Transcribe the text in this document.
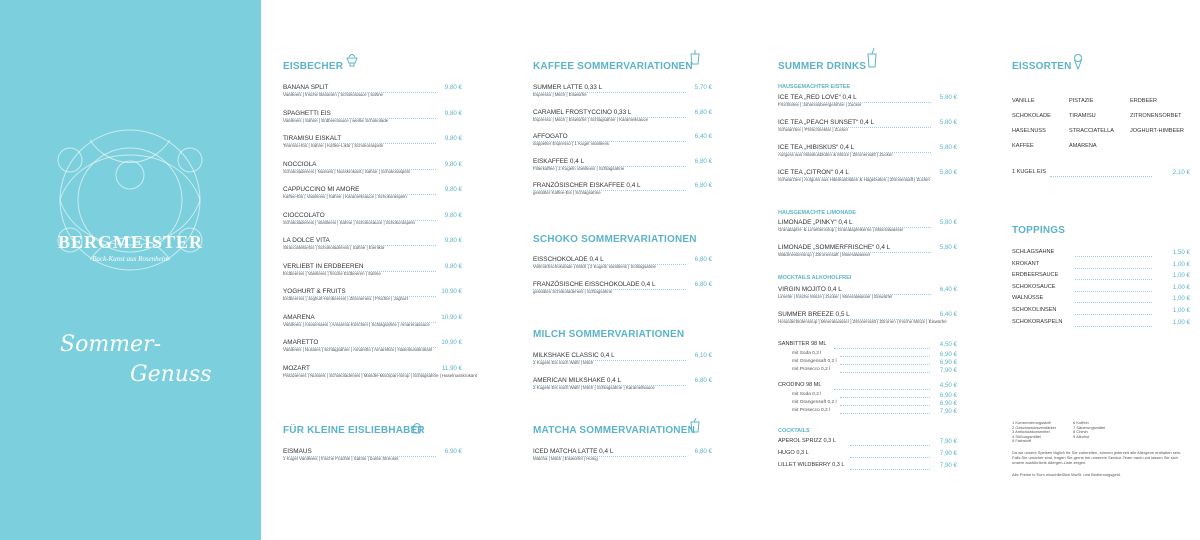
BERGMEISTER
Back-Kunst aus Rosenheim
Sommer-
Genuss
EISBECHER
BANANA SPLIT
Vanilleeis | frische Bananen | Schokosauce | Sahne
9,80 €
SPAGHETTI EIS
Vanilleeis | Sahne | Erdbeersauce | weiße Schokolade
9,80 €
TIRAMISU EISKALT
Tiramisu-Eis | Sahne | Kaffee-Likör | Schokoraspeln
9,80 €
NOCCIOLA
Schokoladeneis | Nusseis | Nusskrokant | Sahne | Schokoraspeln
9,80 €
CAPPUCCINO MI AMORE
Kaffee-Eis | Vanilleeis | Sahne | Karamellsauce | Schokoraspeln
9,80 €
CIOCCOLATO
Schokoladeneis | Vanilleeis | Sahne | Schokosauce | Schokoraspeln
9,80 €
LA DOLCE VITA
Stracciatella-Eis | Schokoladeneis | Sahne | Eierlikör
9,80 €
VERLIEBT IN ERDBEEREN
Erdbeereis | Vanilleeis | frische Erdbeeren | Sahne
9,80 €
YOGHURT & FRUITS
Erdbeereis | Joghurt-Himbeereis | Zitroneneis | Früchte | Joghurt
10,90 €
AMARENA
Vanilleeis | Amarenaeis | Amarena-Kirschen | Schlagsahne | Amarenasauce
10,90 €
AMARETTO
Vanilleeis | Nusseis | Schlagsahne | Amaretto | Amarettini | Haselnusskrokant
10,90 €
MOZART
Pistazieneis | Nusseis | Schokoladeneis | Mandel-Marzipan-Sirup | Schlagsahne | Haselnusskrokant
11,90 €
FÜR KLEINE EISLIEBHABER
EISMAUS
1 Kugel Vanilleeis | frische Früchte | Sahne | bunte Streusel
6,90 €
KAFFEE SOMMERVARIATIONEN
SUMMER LATTE 0,33 L
Espresso | Milch | Eiswürfel
5,70 €
CARAMEL FROSTYCCINO 0,33 L
Espresso | Milch | Eiswürfel | Schlagsahne | Karamellsauce
6,80 €
AFFOGATO
doppelter Espresso | 1 Kugel Vanilleeis
6,40 €
EISKAFFEE 0,4 L
Filterkaffee | 2 Kugeln Vanilleeis | Schlagsahne
6,80 €
FRANZÖSISCHER EISKAFFEE 0,4 L
gesüßter Kaffee-Eis | Schlagsahne
6,80 €
SCHOKO SOMMERVARIATIONEN
EISSCHOKOLADE 0,4 L
Vollmilchschokolade | Milch | 2 Kugeln Vanilleeis | Schlagsahne
6,80 €
FRANZÖSISCHE EISSCHOKOLADE 0,4 L
gesüßtes Schokoladeneis | Schlagsahne
6,80 €
MILCH SOMMERVARIATIONEN
MILKSHAKE CLASSIC 0,4 L
2 Kugeln Eis nach Wahl | Milch
6,10 €
AMERICAN MILKSHAKE 0,4 L
2 Kugeln Eis nach Wahl | Milch | Schlagsahne | Karamellsauce
6,80 €
MATCHA SOMMERVARIATIONEN
ICED MATCHA LATTE 0,4 L
Matcha | Milch | Eiswürfel | Honig
6,80 €
SUMMER DRINKS
HAUSGEMACHTER EISTEE
ICE TEA „RED LOVE“ 0,4 L
Früchtetee | Johannisbeergelohrie | Zucker
5,80 €
ICE TEA „PEACH SUNSET“ 0,4 L
Schwarztee | Pfirsichnektar | Zucker
5,80 €
ICE TEA „HIBISKUS“ 0,4 L
Aufguss aus Hibiskusblüten & Minze | Zitronensaft | Zucker
5,80 €
ICE TEA „CITRON“ 0,4 L
Schwarztee | Aufguss aus Hibiskusblüten & Hagebutten | Zitronensaft | Zucker
5,80 €
HAUSGEMACHTE LIMONADE
LIMONADE „PINKY“ 0,4 L
Granatapfel- & Limettensirup | Granatapfelkerne | Mineralwasser
5,80 €
LIMONADE „SOMMERFRISCHE“ 0,4 L
Waldmeistersirup | Zitronensaft | Mineralwasser
5,80 €
MOCKTAILS ALKOHOLFREI
VIRGIN MOJITO 0,4 L
Limette | frische Minze | Zucker | Mineralwasser | Eiswürfel
6,40 €
SUMMER BREEZE 0,5 L
Holunderblütensirup | Mineralwasser | Zitronensaft | Zitronen | frische Minze | Eiswürfel
6,40 €
SANBITTER 98 ML	4,50 €
mit Soda 0,2 l	6,90 €
mit Orangensaft 0,2 l	6,90 €
mit Prosecco 0,2 l	7,90 €
CRODINO 98 ML	4,50 €
mit Soda 0,2 l	6,90 €
mit Orangensaft 0,2 l	6,90 €
mit Prosecco 0,2 l	7,90 €
COCKTAILS
APEROL SPRIZZ 0,3 L	7,90 €
HUGO 0,3 L	7,90 €
LILLET WILDBERRY 0,3 L	7,90 €
EISSORTEN
VANILLE	PISTAZIE	ERDBEER
SCHOKOLADE	TIRAMISU	ZITRONENSORBET
HASELNUSS	STRACCIATELLA	JOGHURT-HIMBEER
KAFFEE	AMARENA
1 KUGEL EIS	2,10 €
TOPPINGS
SCHLAGSAHNE	1,50 €
KROKANT	1,00 €
ERDBEERSAUCE	1,00 €
SCHOKOSAUCE	1,00 €
WALNÜSSE	1,00 €
SCHOKOLINSEN	1,00 €
SCHOKORASPELN	1,00 €
1 Konservierungsstoff
2 Geschmacksverstärker
3 Antioxidationsmittel
4 Süßungsmittel
5 Farbstoff
6 Koffein
7 Säuerungsmittel
8 Chinin
9 Alkohol
Da wir unsere Speisen täglich für Sie zubereiten, können jederzeit alle Allergene enthalten sein. Falls Sie unsicher sind, fragen Sie gerne bei unserem Service-Team nach und lassen Sie sich unsere ausführliche Allergen-Liste zeigen.
Alle Preise in Euro einschließlich MwSt. und Bedienungsgeld.
